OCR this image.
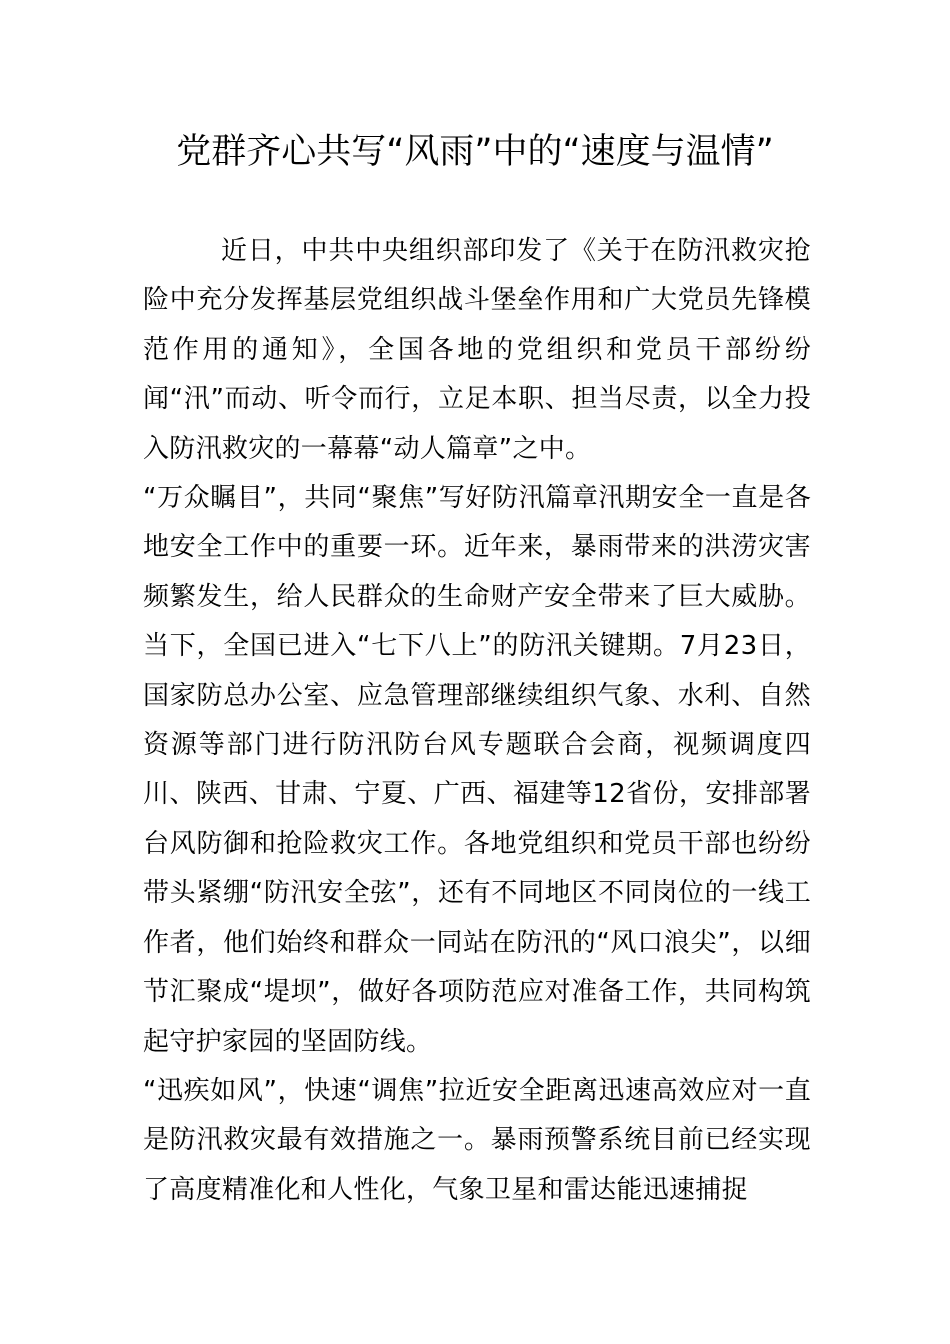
党群齐心共写“风雨”中的“速度与温情”

近日，中共中央组织部印发了《关于在防汛救灾抢险中充分发挥基层党组织战斗堡垒作用和广大党员先锋模范作用的通知》，全国各地的党组织和党员干部纷纷闻“汛”而动、听令而行，立足本职、担当尽责，以全力投入防汛救灾的一幕幕“动人篇章”之中。

“万众瞩目”，共同“聚焦”写好防汛篇章汛期安全一直是各地安全工作中的重要一环。近年来，暴雨带来的洪涝灾害频繁发生，给人民群众的生命财产安全带来了巨大威胁。当下，全国已进入“七下八上”的防汛关键期。7月23日，国家防总办公室、应急管理部继续组织气象、水利、自然资源等部门进行防汛防台风专题联合会商，视频调度四川、陕西、甘肃、宁夏、广西、福建等12省份，安排部署台风防御和抢险救灾工作。各地党组织和党员干部也纷纷带头紧绷“防汛安全弦”，还有不同地区不同岗位的一线工作者，他们始终和群众一同站在防汛的“风口浪尖”，以细节汇聚成“堤坝”，做好各项防范应对准备工作，共同构筑起守护家园的坚固防线。

“迅疾如风”，快速“调焦”拉近安全距离迅速高效应对一直是防汛救灾最有效措施之一。暴雨预警系统目前已经实现了高度精准化和人性化，气象卫星和雷达能迅速捕捉
